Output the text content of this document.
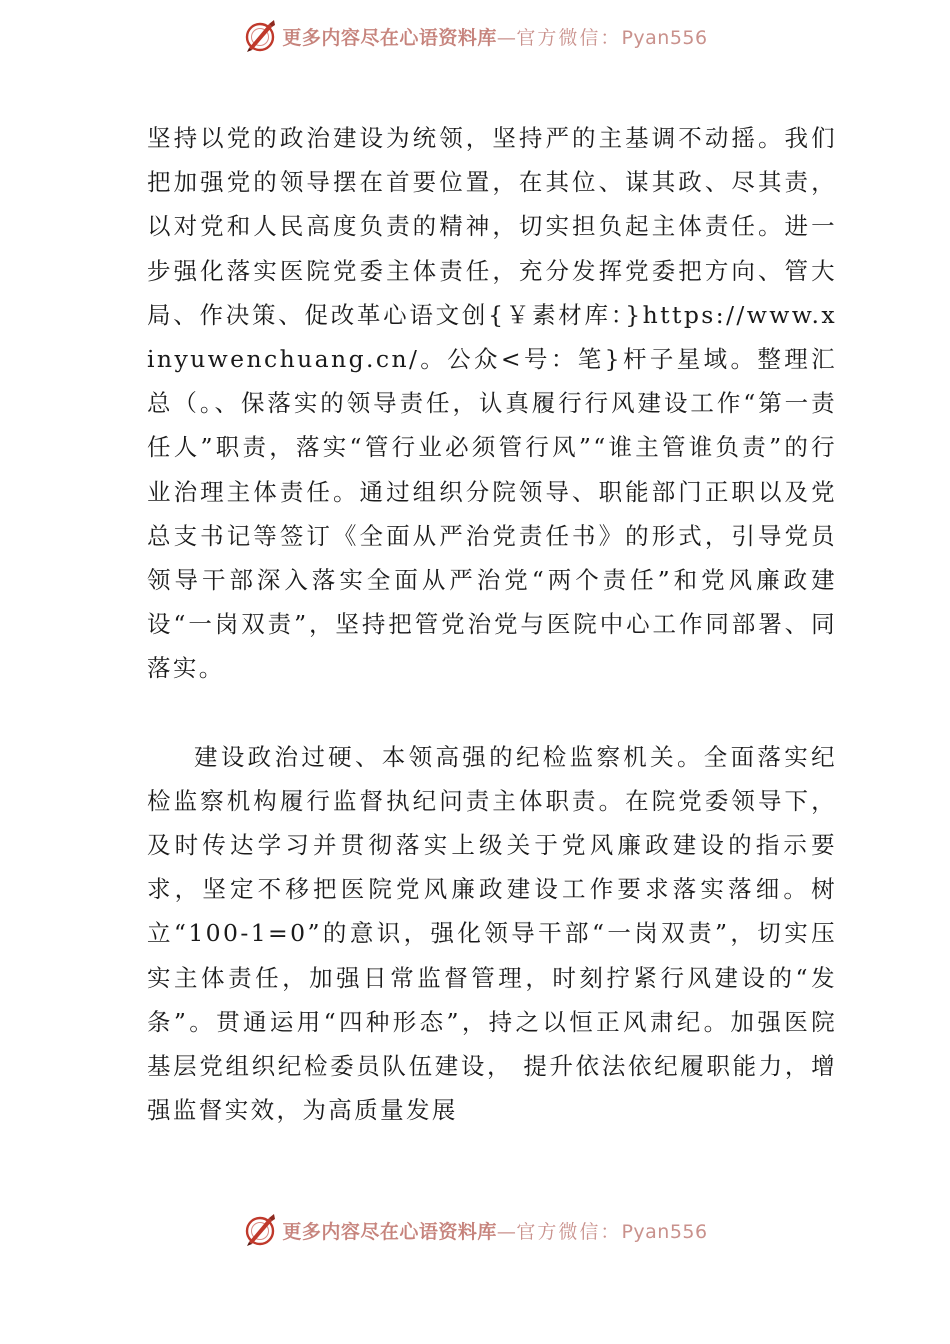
更多内容尽在心语资料库—官方微信：Pyan556

坚持以党的政治建设为统领，坚持严的主基调不动摇。我们把加强党的领导摆在首要位置，在其位、谋其政、尽其责，以对党和人民高度负责的精神，切实担负起主体责任。进一步强化落实医院党委主体责任，充分发挥党委把方向、管大局、作决策、促改革心语文创{￥素材库：}https://www.xinyuwenchuang.cn/。公众<号：笔}杆子星域。整理汇总（。、保落实的领导责任，认真履行行风建设工作“第一责任人”职责，落实“管行业必须管行风”“谁主管谁负责”的行业治理主体责任。通过组织分院领导、职能部门正职以及党总支书记等签订《全面从严治党责任书》的形式，引导党员领导干部深入落实全面从严治党“两个责任”和党风廉政建设“一岗双责”，坚持把管党治党与医院中心工作同部署、同落实。

建设政治过硬、本领高强的纪检监察机关。全面落实纪检监察机构履行监督执纪问责主体职责。在院党委领导下，及时传达学习并贯彻落实上级关于党风廉政建设的指示要求，坚定不移把医院党风廉政建设工作要求落实落细。树立“100-1=0”的意识，强化领导干部“一岗双责”，切实压实主体责任，加强日常监督管理，时刻拧紧行风建设的“发条”。贯通运用“四种形态”，持之以恒正风肃纪。加强医院基层党组织纪检委员队伍建设， 提升依法依纪履职能力，增强监督实效，为高质量发展

更多内容尽在心语资料库—官方微信：Pyan556
